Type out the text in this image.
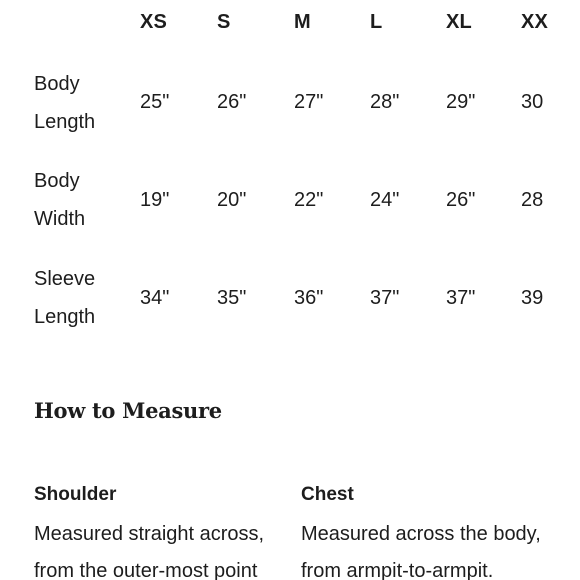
XS S	M	L	XL XX
Body
Length
25" 26" 27" 28" 29" 30
Body
Width
19" 20" 22" 24" 26" 28
Sleeve
Length
34" 35" 36" 37" 37" 39
How to Measure
Shoulder
Measured straight across,
from the outer-most point
Chest
Measured across the body,
from armpit-to-armpit.
